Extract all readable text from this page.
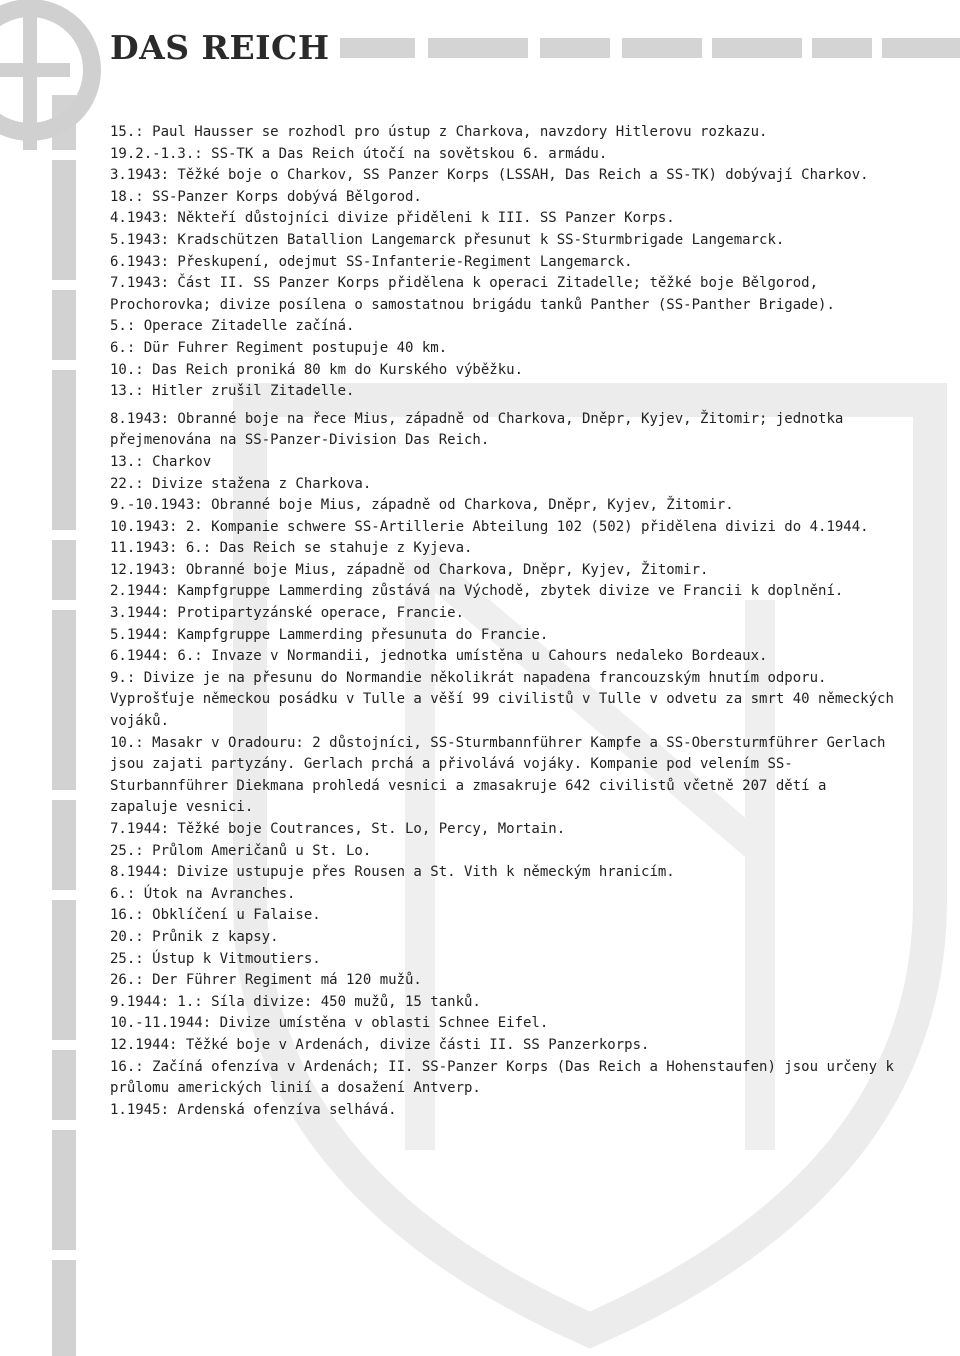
DAS REICH

15.: Paul Hausser se rozhodl pro ústup z Charkova, navzdory Hitlerovu rozkazu.

19.2.-1.3.: SS-TK a Das Reich útočí na sovětskou 6. armádu.

3.1943: Těžké boje o Charkov, SS Panzer Korps (LSSAH, Das Reich a SS-TK) dobývají Charkov.

18.: SS-Panzer Korps dobývá Bělgorod.

4.1943: Někteří důstojníci divize přiděleni k III. SS Panzer Korps.

5.1943: Kradschützen Batallion Langemarck přesunut k SS-Sturmbrigade Langemarck.

6.1943: Přeskupení, odejmut SS-Infanterie-Regiment Langemarck.

7.1943: Část II. SS Panzer Korps přidělena k operaci Zitadelle; těžké boje Bělgorod, Prochorovka; divize posílena o samostatnou brigádu tanků Panther (SS-Panther Brigade).

5.: Operace Zitadelle začíná.

6.: Dür Fuhrer Regiment postupuje 40 km.

10.: Das Reich proniká 80 km do Kurského výběžku.

13.: Hitler zrušil Zitadelle.

8.1943: Obranné boje na řece Mius, západně od Charkova, Dněpr, Kyjev, Žitomir; jednotka přejmenována na SS-Panzer-Division Das Reich.

13.: Charkov

22.: Divize stažena z Charkova.

9.-10.1943: Obranné boje Mius, západně od Charkova, Dněpr, Kyjev, Žitomir.

10.1943: 2. Kompanie schwere SS-Artillerie Abteilung 102 (502) přidělena divizi do 4.1944.

11.1943: 6.: Das Reich se stahuje z Kyjeva.

12.1943: Obranné boje Mius, západně od Charkova, Dněpr, Kyjev, Žitomir.

2.1944: Kampfgruppe Lammerding zůstává na Východě, zbytek divize ve Francii k doplnění.

3.1944: Protipartyzánské operace, Francie.

5.1944: Kampfgruppe Lammerding přesunuta do Francie.

6.1944: 6.: Invaze v Normandii, jednotka umístěna u Cahours nedaleko Bordeaux.

9.: Divize je na přesunu do Normandie několikrát napadena francouzským hnutím odporu. Vyprošťuje německou posádku v Tulle a věší 99 civilistů v Tulle v odvetu za smrt 40 německých vojáků.

10.: Masakr v Oradouru: 2 důstojníci, SS-Sturmbannführer Kampfe a SS-Obersturmführer Gerlach jsou zajati partyzány. Gerlach prchá a přivolává vojáky. Kompanie pod velením SS-Sturbannführer Diekmana prohledá vesnici a zmasakruje 642 civilistů včetně 207 dětí a zapaluje vesnici.

7.1944: Těžké boje Coutrances, St. Lo, Percy, Mortain.

25.: Průlom Američanů u St. Lo.

8.1944: Divize ustupuje přes Rousen a St. Vith k německým hranicím.

6.: Útok na Avranches.

16.: Obklíčení u Falaise.

20.: Průnik z kapsy.

25.: Ústup k Vitmoutiers.

26.: Der Führer Regiment má 120 mužů.

9.1944: 1.: Síla divize: 450 mužů, 15 tanků.

10.-11.1944: Divize umístěna v oblasti Schnee Eifel.

12.1944: Těžké boje v Ardenách, divize části II. SS Panzerkorps.

16.: Začíná ofenzíva v Ardenách; II. SS-Panzer Korps (Das Reich a Hohenstaufen) jsou určeny k průlomu amerických linií a dosažení Antverp.

1.1945: Ardenská ofenzíva selhává.
